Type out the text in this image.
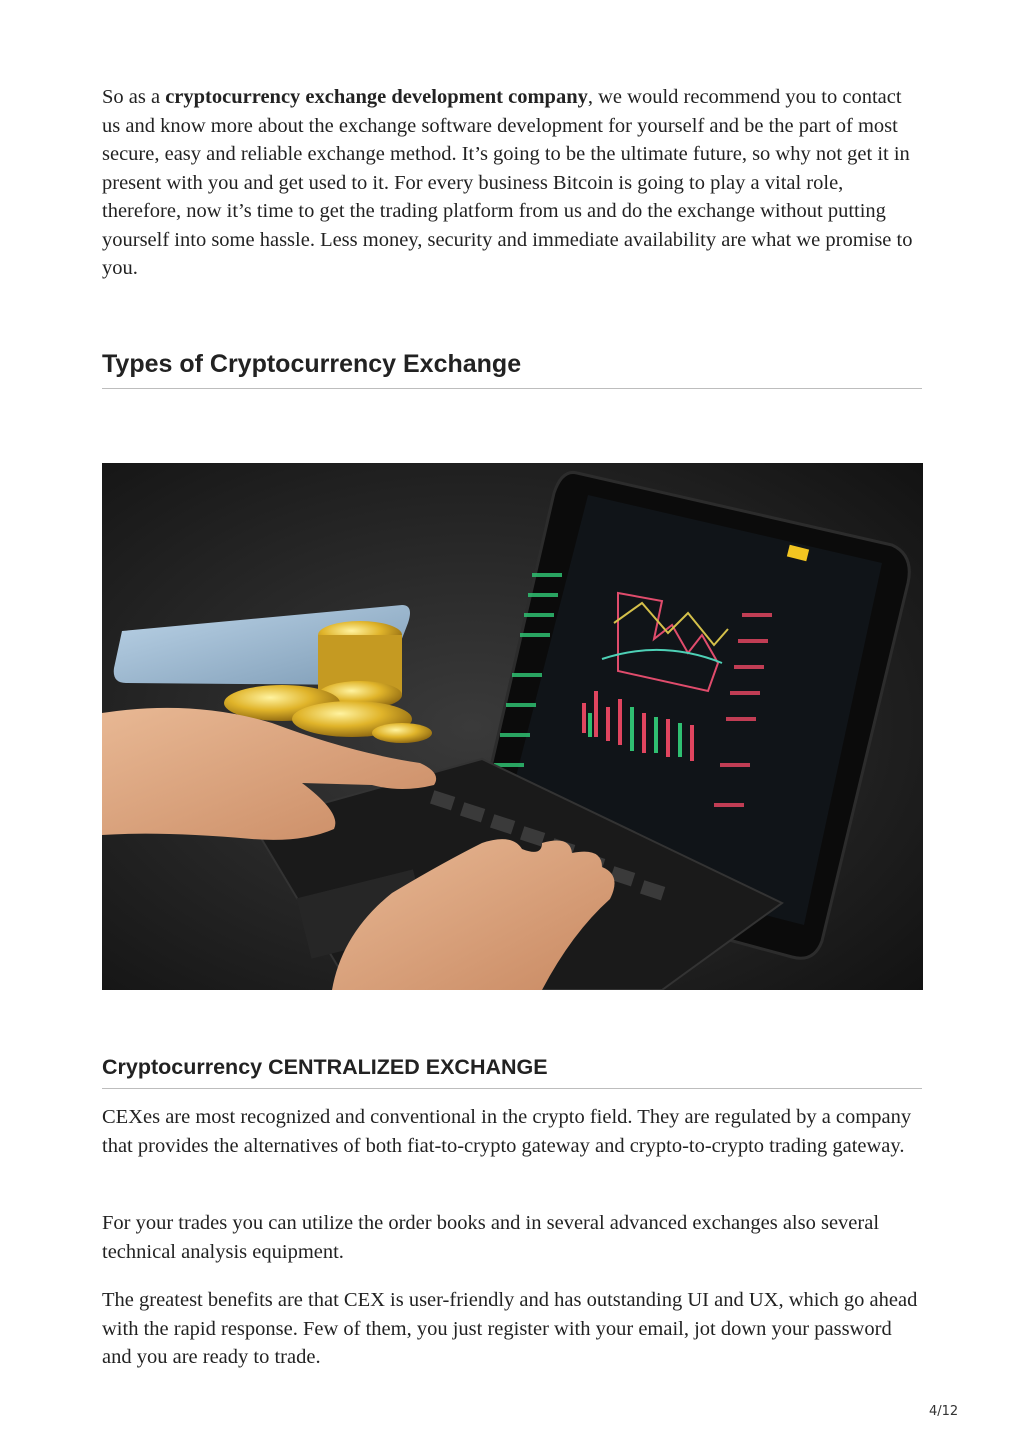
So as a cryptocurrency exchange development company, we would recommend you to contact us and know more about the exchange software development for yourself and be the part of most secure, easy and reliable exchange method. It’s going to be the ultimate future, so why not get it in present with you and get used to it. For every business Bitcoin is going to play a vital role, therefore, now it’s time to get the trading platform from us and do the exchange without putting yourself into some hassle. Less money, security and immediate availability are what we promise to you.

Types of Cryptocurrency Exchange
Cryptocurrency CENTRALIZED EXCHANGE

CEXes are most recognized and conventional in the crypto field. They are regulated by a company that provides the alternatives of both fiat-to-crypto gateway and crypto-to-crypto trading gateway.

For your trades you can utilize the order books and in several advanced exchanges also several technical analysis equipment.

The greatest benefits are that CEX is user-friendly and has outstanding UI and UX, which go ahead with the rapid response. Few of them, you just register with your email, jot down your password and you are ready to trade.

4/12
